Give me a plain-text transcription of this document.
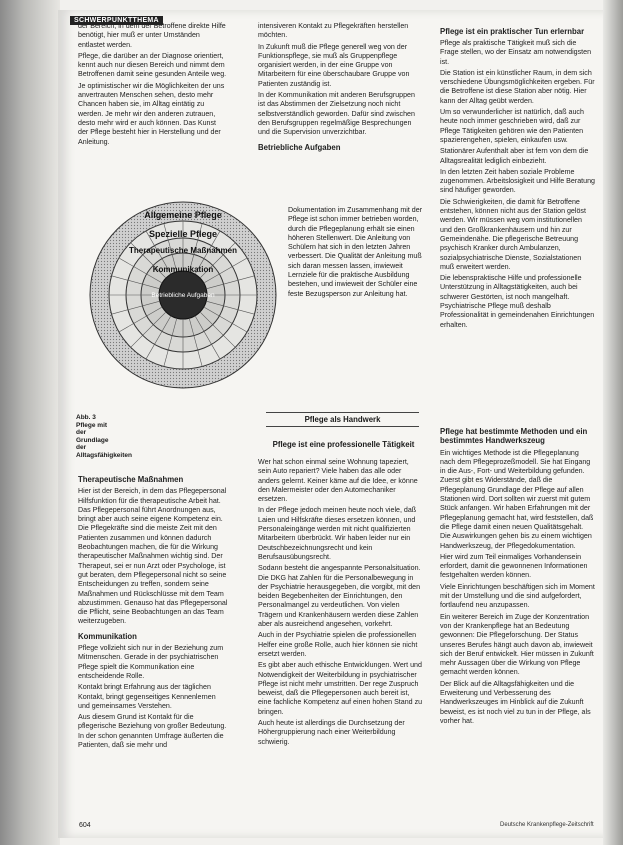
SCHWERPUNKTTHEMA

der Bereich, in dem der Betroffene direkte Hilfe benötigt, hier muß er unter Umständen entlastet werden.

Pflege, die darüber an der Diagnose orientiert, kennt auch nur diesen Bereich und nimmt dem Betroffenen damit seine gesunden Anteile weg.

Je optimistischer wir die Möglichkeiten der uns anvertrauten Menschen sehen, desto mehr Chancen haben sie, im Alltag eintätig zu werden. Je mehr wir den anderen zutrauen, desto mehr wird er auch können. Das Kunst der Pflege besteht hier in Herstellung und der Anleitung.

intensiveren Kontakt zu Pflegekräften herstellen möchten.

In Zukunft muß die Pflege generell weg von der Funktionspflege, sie muß als Gruppenpflege organisiert werden, in der eine Gruppe von Mitarbeitern für eine überschaubare Gruppe von Patienten zuständig ist.

In der Kommunikation mit anderen Berufsgruppen ist das Abstimmen der Zielsetzung noch nicht selbstverständlich geworden. Dafür sind zwischen den Berufsgruppen regelmäßige Besprechungen und die Supervision unverzichtbar.

Betriebliche Aufgaben
Dokumentation im Zusammenhang mit der Pflege ist schon immer betrieben worden, durch die Pflegeplanung erhält sie einen höheren Stellenwert. Die Anleitung von Schülern hat sich in den letzten Jahren verbessert. Die Qualität der Anleitung muß sich daran messen lassen, inwieweit Lernziele für die praktische Ausbildung bestehen, und inwieweit der Schüler eine feste Bezugsperson zur Anleitung hat.
Pflege ist ein praktischer Tun erlernbar

Pflege als praktische Tätigkeit muß sich die Frage stellen, wo der Einsatz am notwendigsten ist.

Die Station ist ein künstlicher Raum, in dem sich verschiedene Übungsmöglichkeiten ergeben. Für die Betroffene ist diese Station aber nötig. Hier kann der Alltag geübt werden.

Um so verwunderlicher ist natürlich, daß auch heute noch immer geschrieben wird, daß zur Pflege Tätigkeiten gehören wie den Patienten spazierengehen, spielen, einkaufen usw.

Stationärer Aufenthalt aber ist fern von dem die Alltagsrealität lediglich einbezieht.

In den letzten Zeit haben soziale Probleme zugenommen. Arbeitslosigkeit und Hilfe Beratung sind häufiger geworden.

Die Schwierigkeiten, die damit für Betroffene entstehen, können nicht aus der Station gelöst werden. Wir müssen weg vom institutionellen und den Großkrankenhäusern und hin zur Gemeindenähe. Die pflegerische Betreuung psychisch Kranker durch Ambulanzen, sozialpsychiatrische Dienste, Sozialstationen muß erweitert werden.

Die lebenspraktische Hilfe und professionelle Unterstützung in Alltagstätigkeiten, auch bei schwerer Gestörten, ist noch mangelhaft. Psychiatrische Pflege muß deshalb Professionalität in gemeindenahen Einrichtungen erhalten.

Allgemeine Pflege
Spezielle Pflege
Therapeutische Maßnahmen
Kommunikation
Betriebliche Aufgaben
Abb. 3 Pflege mit der Grundlage der Alltagsfähigkeiten
Pflege als Handwerk
Pflege ist eine professionelle Tätigkeit

Wer hat schon einmal seine Wohnung tapeziert, sein Auto repariert? Viele haben das alle oder anders gelernt. Keiner käme auf die Idee, er könne den Malermeister oder den Automechaniker ersetzen.

In der Pflege jedoch meinen heute noch viele, daß Laien und Hilfskräfte dieses ersetzen können, und Personaleingänge werden mit nicht qualifizierten Mitarbeitern überbrückt. Wir haben leider nur ein Deutschbezeichnungsrecht und kein Berufsausübungsrecht.

Sodann besteht die angespannte Personalsituation. Die DKG hat Zahlen für die Personalbewegung in der Psychiatrie herausgegeben, die vorgibt, mit den beiden Begebenheiten der Einrichtungen, den Personalmangel zu verdeutlichen. Von vielen Trägern und Krankenhäusern werden diese Zahlen aber als ausreichend angesehen, vorkehrt.

Auch in der Psychiatrie spielen die professionellen Helfer eine große Rolle, auch hier können sie nicht ersetzt werden.

Es gibt aber auch ethische Entwicklungen. Wert und Notwendigkeit der Weiterbildung in psychiatrischer Pflege ist nicht mehr umstritten. Der rege Zuspruch beweist, daß die Pflegepersonen auch bereit ist, eine fachliche Kompetenz auf einen hohen Stand zu bringen.

Auch heute ist allerdings die Durchsetzung der Höhergruppierung nach einer Weiterbildung schwierig.

Therapeutische Maßnahmen

Hier ist der Bereich, in dem das Pflegepersonal Hilfsfunktion für die therapeutische Arbeit hat. Das Pflegepersonal führt Anordnungen aus, bringt aber auch seine eigene Kompetenz ein. Die Pflegekräfte sind die meiste Zeit mit den Patienten zusammen und können dadurch Beobachtungen machen, die für die Wirkung therapeutischer Maßnahmen wichtig sind. Der Therapeut, sei er nun Arzt oder Psychologe, ist gut beraten, dem Pflegepersonal nicht so seine Entscheidungen zu treffen, sondern seine Maßnahmen und Rückschlüsse mit dem Team abzustimmen. Genauso hat das Pflegepersonal die Pflicht, seine Beobachtungen an das Team weiterzugeben.

Kommunikation

Pflege vollzieht sich nur in der Beziehung zum Mitmenschen. Gerade in der psychiatrischen Pflege spielt die Kommunikation eine entscheidende Rolle.

Kontakt bringt Erfahrung aus der täglichen Kontakt, bringt gegenseitiges Kennenlernen und gemeinsames Verstehen.

Aus diesem Grund ist Kontakt für die pflegerische Beziehung von großer Bedeutung. In der schon genannten Umfrage äußerten die Patienten, daß sie mehr und

Pflege hat bestimmte Methoden und ein bestimmtes Handwerkszeug

Ein wichtiges Methode ist die Pflegeplanung nach dem Pflegeprozeßmodell. Sie hat Eingang in die Aus-, Fort- und Weiterbildung gefunden. Zuerst gibt es Widerstände, daß die Pflegeplanung Grundlage der Pflege auf allen Stationen wird. Dort sollten wir zuerst mit gutem Stück anfangen. Wir haben Erfahrungen mit der Pflegeplanung gemacht hat, wird feststellen, daß die Pflege damit einen neuen Qualitätsgehalt. Die Auswirkungen gehen bis zu einem wichtigen Handwerkszeug, der Pflegedokumentation.

Hier wird zum Teil einmaliges Vorhandensein erfordert, damit die gewonnenen Informationen festgehalten werden können.

Viele Einrichtungen beschäftigen sich im Moment mit der Umstellung und die sind aufgefordert, fortlaufend neu anzupassen.

Ein weiterer Bereich im Zuge der Konzentration von der Krankenpflege hat an Bedeutung gewonnen: Die Pflegeforschung. Der Status unseres Berufes hängt auch davon ab, inwieweit sich der Beruf entwickelt. Hier müssen in Zukunft mehr Aussagen über die Wirkung von Pflege gemacht werden können.

Der Blick auf die Alltagsfähigkeiten und die Erweiterung und Verbesserung des Handwerkszeuges im Hinblick auf die Zukunft beweist, es ist noch viel zu tun in der Pflege, als vorher hat.

604	Deutsche Krankenpflege-Zeitschrift
